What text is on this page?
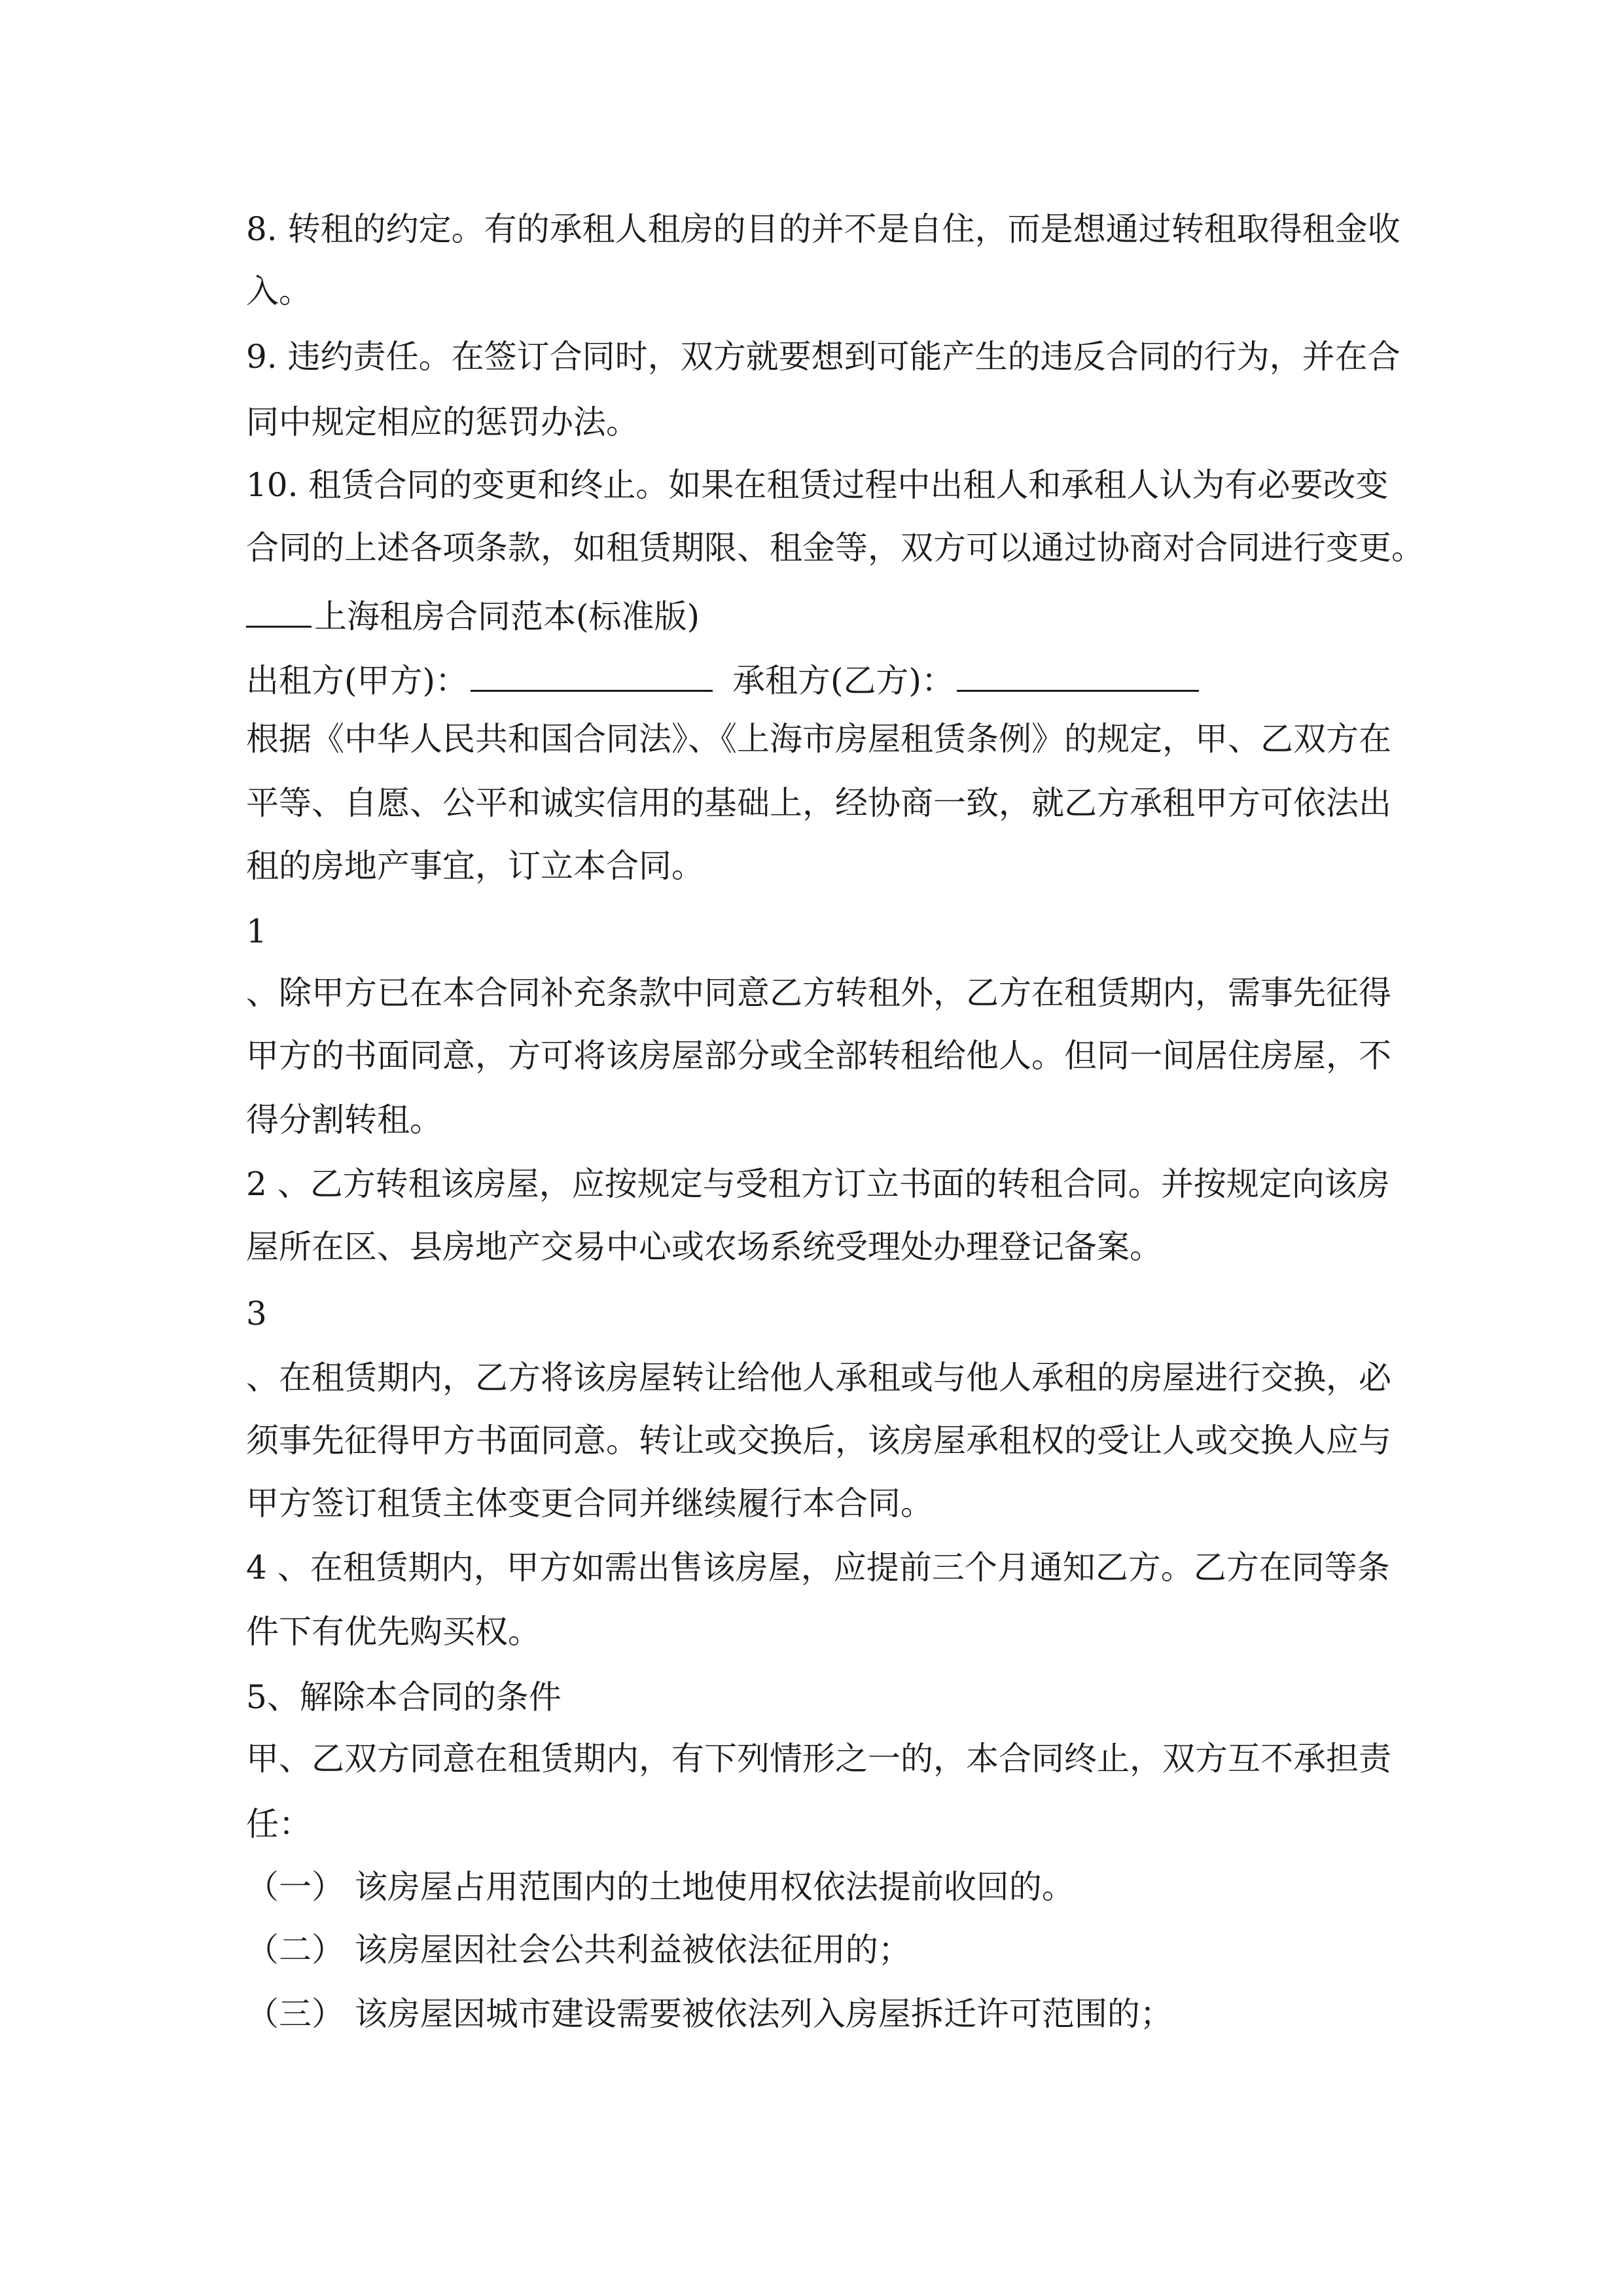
8. 转租的约定。有的承租人租房的目的并不是自住，而是想通过转租取得租金收
入。
9. 违约责任。在签订合同时，双方就要想到可能产生的违反合同的行为，并在合
同中规定相应的惩罚办法。
10. 租赁合同的变更和终止。如果在租赁过程中出租人和承租人认为有必要改变
合同的上述各项条款，如租赁期限、租金等，双方可以通过协商对合同进行变更。
上海租房合同范本(标准版)
出租方(甲方)：	承租方(乙方)：
根据《中华人民共和国合同法》、《上海市房屋租赁条例》的规定，甲、乙双方在
平等、自愿、公平和诚实信用的基础上，经协商一致，就乙方承租甲方可依法出
租的房地产事宜，订立本合同。
1
、除甲方已在本合同补充条款中同意乙方转租外，乙方在租赁期内，需事先征得
甲方的书面同意，方可将该房屋部分或全部转租给他人。但同一间居住房屋，不
得分割转租。
2 、乙方转租该房屋，应按规定与受租方订立书面的转租合同。并按规定向该房
屋所在区、县房地产交易中心或农场系统受理处办理登记备案。
3
、在租赁期内，乙方将该房屋转让给他人承租或与他人承租的房屋进行交换，必
须事先征得甲方书面同意。转让或交换后，该房屋承租权的受让人或交换人应与
甲方签订租赁主体变更合同并继续履行本合同。
4 、在租赁期内，甲方如需出售该房屋，应提前三个月通知乙方。乙方在同等条
件下有优先购买权。
5、解除本合同的条件
甲、乙双方同意在租赁期内，有下列情形之一的，本合同终止，双方互不承担责
任：
（一） 该房屋占用范围内的土地使用权依法提前收回的。
（二） 该房屋因社会公共利益被依法征用的；
（三） 该房屋因城市建设需要被依法列入房屋拆迁许可范围的；
